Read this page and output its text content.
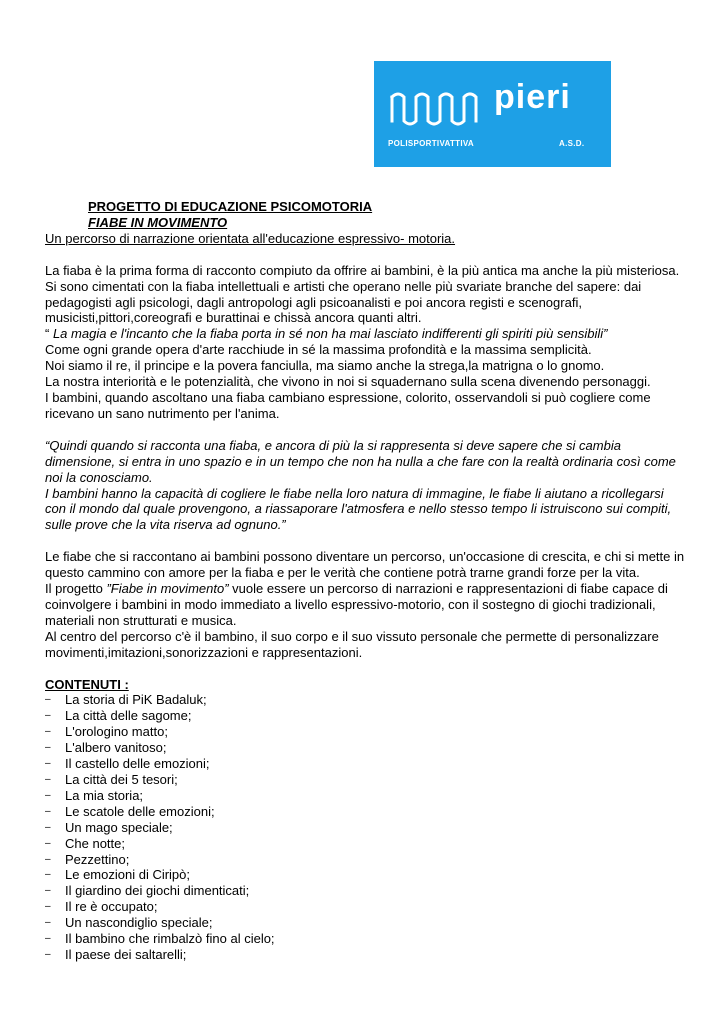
pieri
POLISPORTIVATTIVA	A.S.D.
PROGETTO DI EDUCAZIONE PSICOMOTORIA
FIABE IN MOVIMENTO
Un percorso di narrazione orientata all'educazione espressivo- motoria.

La fiaba è la prima forma di racconto compiuto da offrire ai bambini, è la più antica ma anche la più misteriosa.

Si sono cimentati con la fiaba intellettuali e artisti che operano nelle più svariate branche del sapere: dai pedagogisti agli psicologi, dagli antropologi agli psicoanalisti e poi ancora registi e scenografi, musicisti,pittori,coreografi e burattinai e chissà ancora quanti altri.

“ La magia e l'incanto che la fiaba porta in sé non ha mai lasciato indifferenti gli spiriti più sensibili”

Come ogni grande opera d'arte racchiude in sé la massima profondità e la massima semplicità.

Noi siamo il re, il principe e la povera fanciulla, ma siamo anche la strega,la matrigna o lo gnomo.

La nostra interiorità e le potenzialità, che vivono in noi si squadernano sulla scena divenendo personaggi.

I bambini, quando ascoltano una fiaba cambiano espressione, colorito, osservandoli si può cogliere come ricevano un sano nutrimento per l'anima.

“Quindi quando si racconta una fiaba, e ancora di più la si rappresenta si deve sapere che si cambia dimensione, si entra in uno spazio e in un tempo che non ha nulla a che fare con la realtà ordinaria così come noi la conosciamo.

I bambini hanno la capacità di cogliere le fiabe nella loro natura di immagine, le fiabe li aiutano a ricollegarsi con il mondo dal quale provengono, a riassaporare l'atmosfera e nello stesso tempo li istruiscono sui compiti, sulle prove che la vita riserva ad ognuno.”

Le fiabe che si raccontano ai bambini possono diventare un percorso, un'occasione di crescita, e chi si mette in questo cammino con amore per la fiaba e per le verità che contiene potrà trarne grandi forze per la vita.

Il progetto ”Fiabe in movimento” vuole essere un percorso di narrazioni e rappresentazioni di fiabe capace di coinvolgere i bambini in modo immediato a livello espressivo-motorio, con il sostegno di giochi tradizionali, materiali non strutturati e musica.

Al centro del percorso c'è il bambino, il suo corpo e il suo vissuto personale che permette di personalizzare movimenti,imitazioni,sonorizzazioni e rappresentazioni.

CONTENUTI :
– La storia di PiK Badaluk;
– La città delle sagome;
– L'orologino matto;
– L'albero vanitoso;
– Il castello delle emozioni;
– La città dei 5 tesori;
– La mia storia;
– Le scatole delle emozioni;
– Un mago speciale;
– Che notte;
– Pezzettino;
– Le emozioni di Ciripò;
– Il giardino dei giochi dimenticati;
– Il re è occupato;
– Un nascondiglio speciale;
– Il bambino che rimbalzò fino al cielo;
– Il paese dei saltarelli;
